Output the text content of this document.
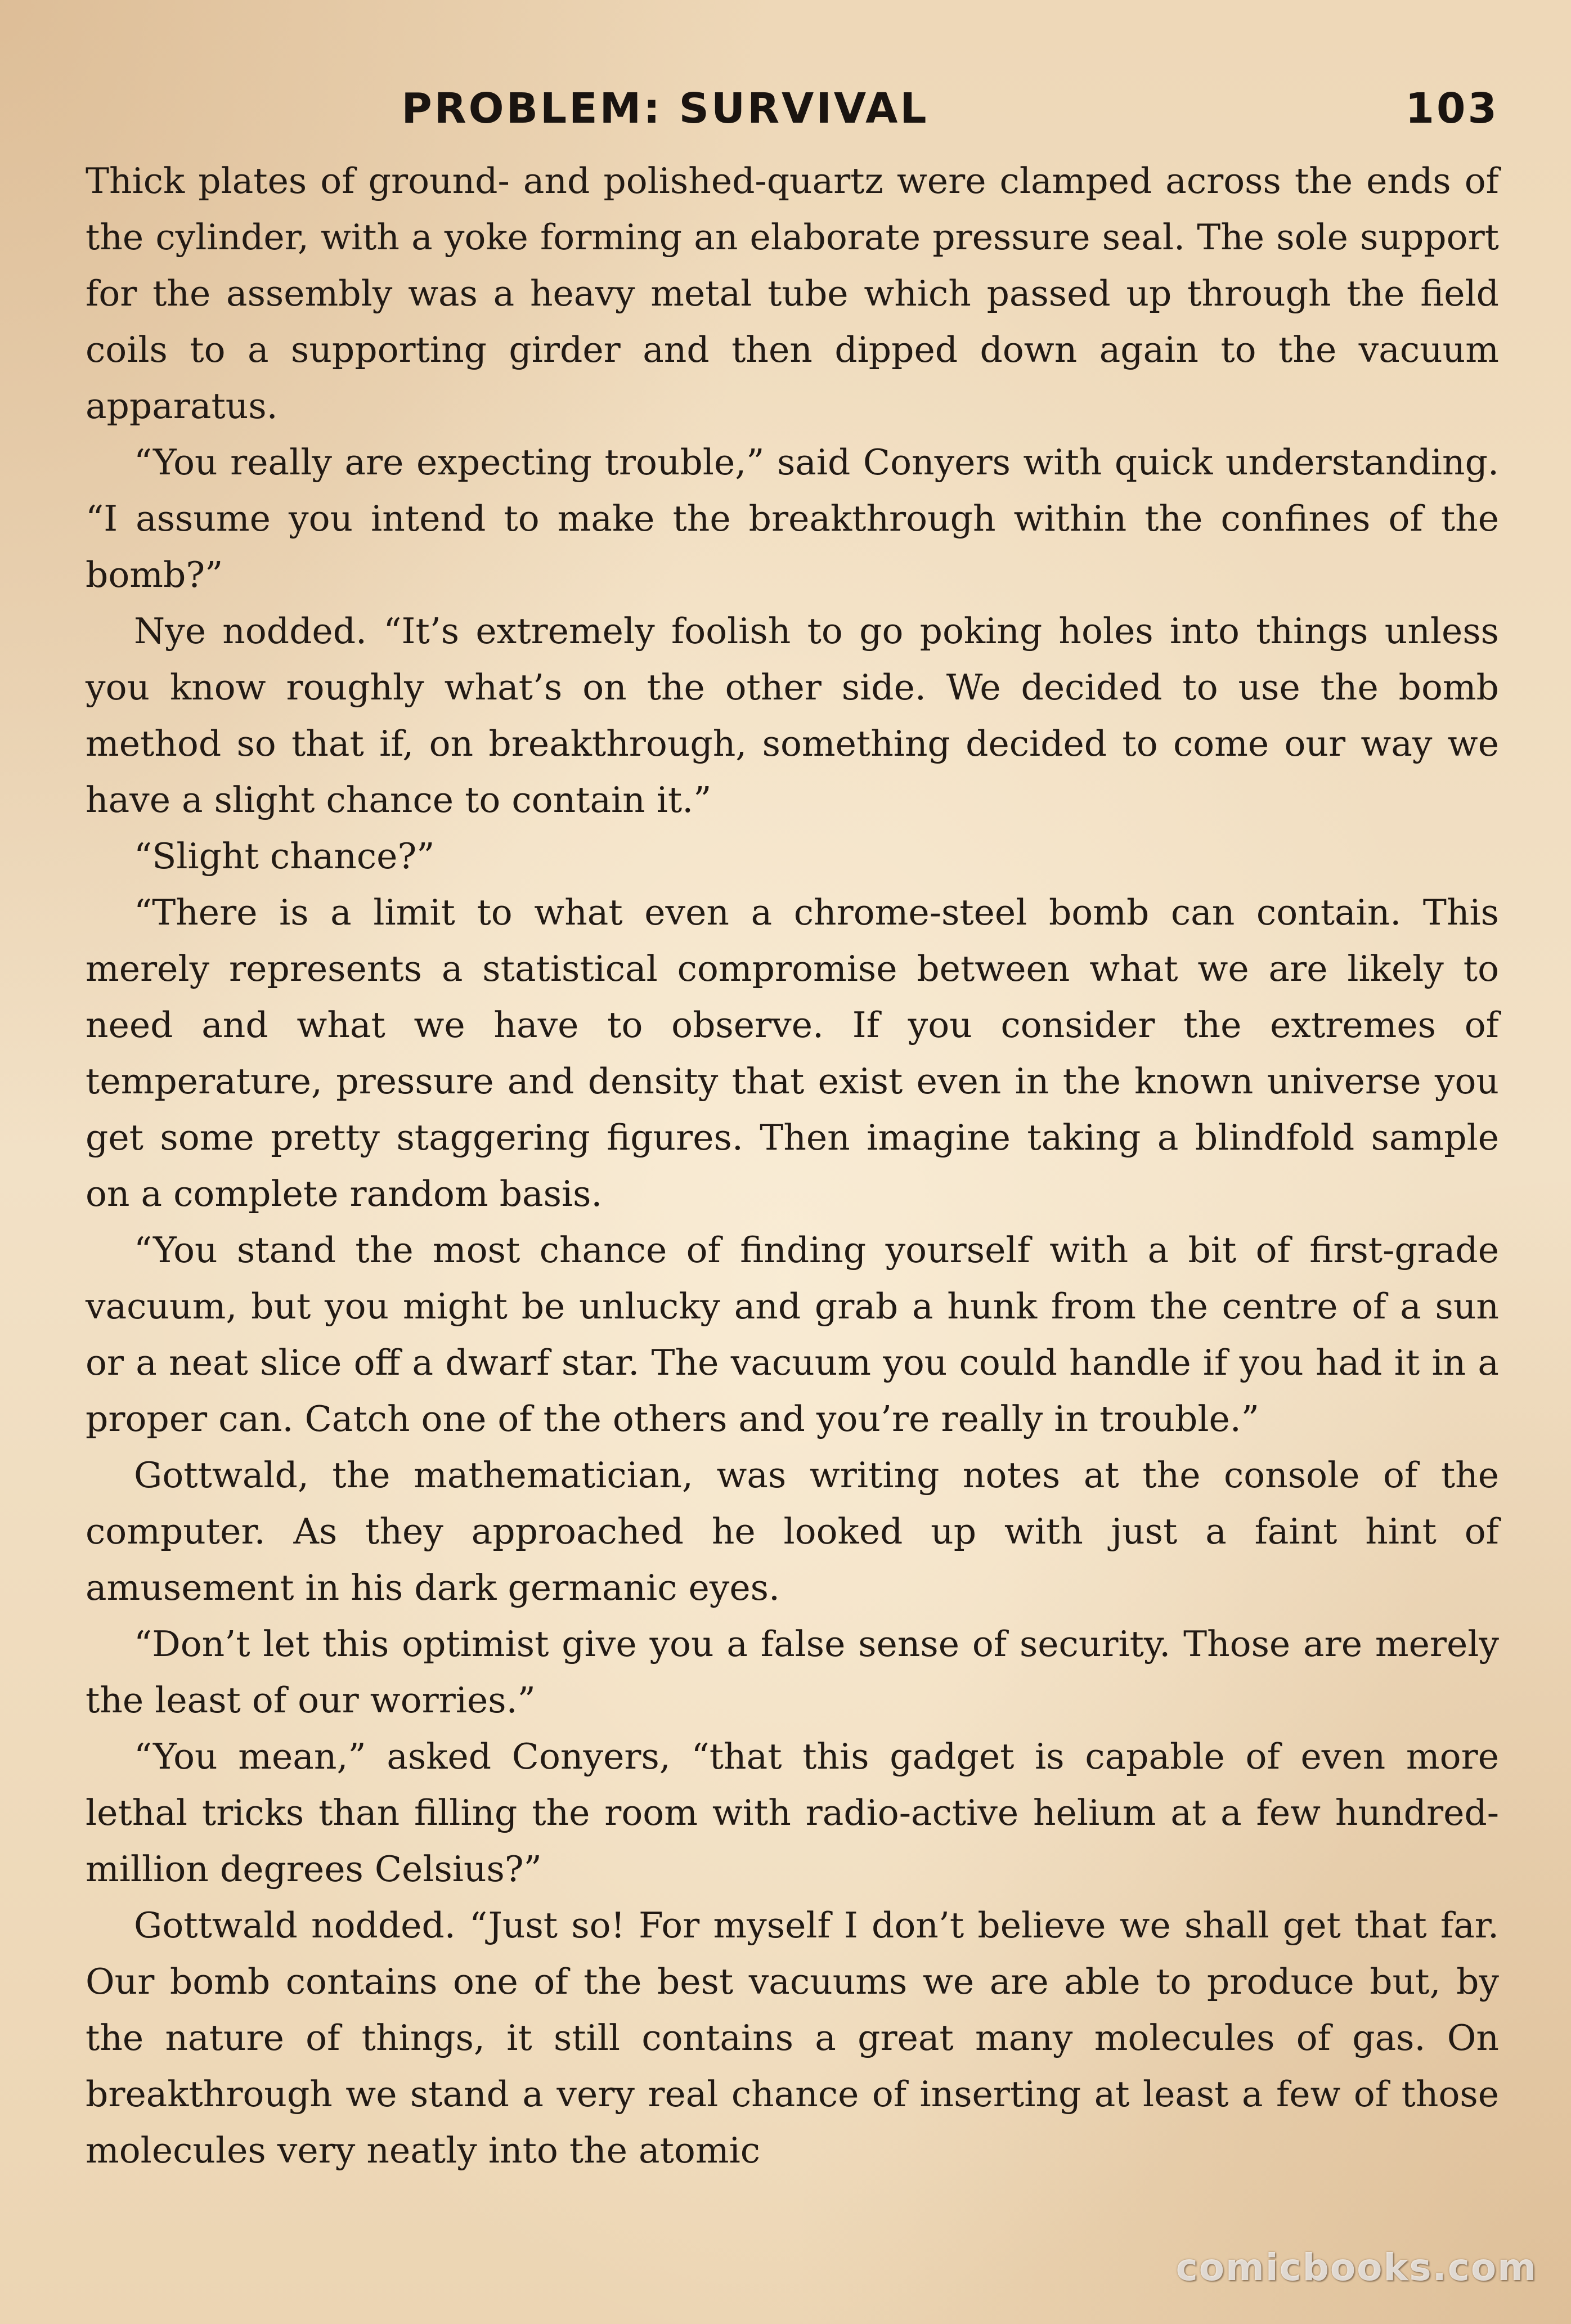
PROBLEM: SURVIVAL	103

Thick plates of ground- and polished-quartz were clamped across the ends of the cylinder, with a yoke forming an elaborate pressure seal. The sole support for the assembly was a heavy metal tube which passed up through the field coils to a supporting girder and then dipped down again to the vacuum apparatus.

“You really are expecting trouble,” said Conyers with quick understanding. “I assume you intend to make the breakthrough within the confines of the bomb?”

Nye nodded. “It’s extremely foolish to go poking holes into things unless you know roughly what’s on the other side. We decided to use the bomb method so that if, on breakthrough, something decided to come our way we have a slight chance to contain it.”

“Slight chance?”

“There is a limit to what even a chrome-steel bomb can contain. This merely represents a statistical compromise between what we are likely to need and what we have to observe. If you consider the extremes of temperature, pressure and density that exist even in the known universe you get some pretty staggering figures. Then imagine taking a blindfold sample on a complete random basis.

“You stand the most chance of finding yourself with a bit of first-grade vacuum, but you might be unlucky and grab a hunk from the centre of a sun or a neat slice off a dwarf star. The vacuum you could handle if you had it in a proper can. Catch one of the others and you’re really in trouble.”

Gottwald, the mathematician, was writing notes at the console of the computer. As they approached he looked up with just a faint hint of amusement in his dark germanic eyes.

“Don’t let this optimist give you a false sense of security. Those are merely the least of our worries.”

“You mean,” asked Conyers, “that this gadget is capable of even more lethal tricks than filling the room with radio-active helium at a few hundred-million degrees Celsius?”

Gottwald nodded. “Just so! For myself I don’t believe we shall get that far. Our bomb contains one of the best vacuums we are able to produce but, by the nature of things, it still contains a great many molecules of gas. On breakthrough we stand a very real chance of inserting at least a few of those molecules very neatly into the atomic

comicbooks.com
